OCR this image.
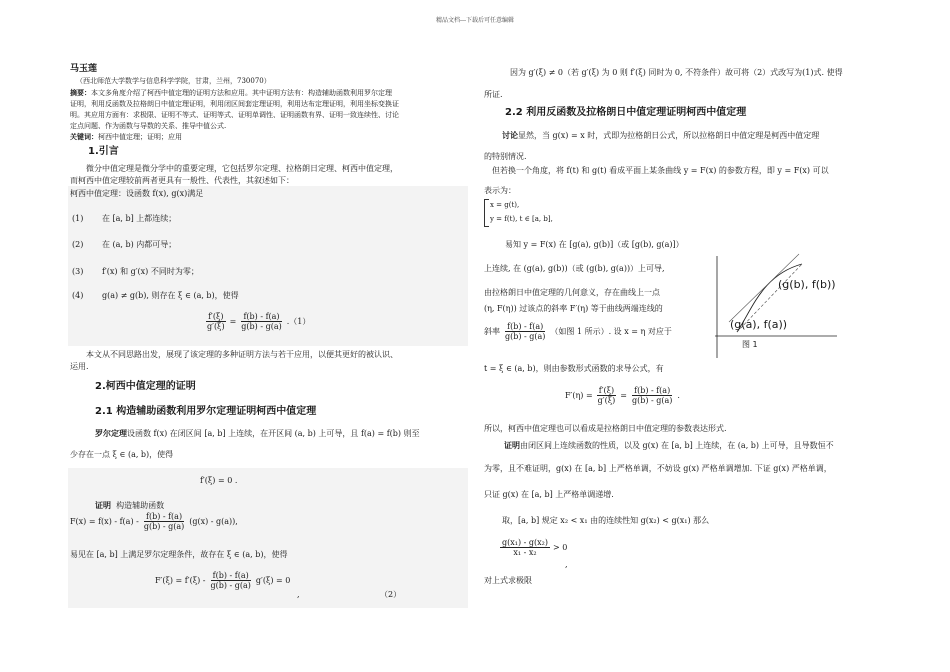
精品文档---下载后可任意编辑
马玉莲
（西北师范大学数学与信息科学学院，甘肃，兰州，730070）
摘要：本文多角度介绍了柯西中值定理的证明方法和应用。其中证明方法有：构造辅助函数利用罗尔定理
证明，利用反函数及拉格朗日中值定理证明，利用闭区间套定理证明，利用达布定理证明，利用坐标变换证
明。其应用方面有：求极限、证明不等式、证明等式、证明单调性、证明函数有界、证明一致连续性、讨论
定点问题、作为函数与导数的关系、推导中值公式.
关键词：柯西中值定理；证明；应用
1.引言
微分中值定理是微分学中的重要定理，它包括罗尔定理、拉格朗日定理、柯西中值定理，
而柯西中值定理较前两者更具有一般性、代表性，其叙述如下：
柯西中值定理：设函数 f(x), g(x)满足
(1) 在 [a, b] 上都连续；
(2) 在 (a, b) 内都可导；
(3) f′(x) 和 g′(x) 不同时为零；
(4) g(a) ≠ g(b), 则存在 ξ ∈ (a, b)，使得
$\frac{f'(\xi)}{g'(\xi)} = \frac{f(b) - f(a)}{g(b) - g(a)} .(1)$
本文从不同思路出发，展现了该定理的多种证明方法与若干应用，以便其更好的被认识、
运用.
2.柯西中值定理的证明
2.1 构造辅助函数利用罗尔定理证明柯西中值定理
罗尔定理设函数 f(x) 在闭区间 [a, b] 上连续，在开区间 (a, b) 上可导，且 f(a) = f(b) 则至
少存在一点 ξ ∈ (a, b)，使得
f′(ξ) = 0 .
证明 构造辅助函数
$F(x) = f(x) - f(a) - \frac{f(b) - f(a)}{g(b) - g(a)} (g(x) - g(a))$,
易见在 [a, b] 上满足罗尔定理条件，故存在 ξ ∈ (a, b)，使得
$F'(\xi) = f'(\xi) - \frac{f(b) - f(a)}{g(b) - g(a)} g'(\xi) = 0$
,	（2）
因为 g′(ξ) ≠ 0（若 g′(ξ) 为 0 则 f′(ξ) 同时为 0, 不符条件）故可将（2）式改写为(1)式. 使得
所证.
2.2 利用反函数及拉格朗日中值定理证明柯西中值定理
讨论显然，当 g(x) = x 时，式即为拉格朗日公式，所以拉格朗日中值定理是柯西中值定理
的特别情况.
但若换一个角度，将 f(t) 和 g(t) 看成平面上某条曲线 y = F(x) 的参数方程，即 y = F(x) 可以
表示为：
x = g(t),
y = f(t), t ∈ [a, b],
易知 y = F(x) 在 [g(a), g(b)]（或 [g(b), g(a)]）
上连续, 在 (g(a), g(b))（或 (g(b), g(a))）上可导,
由拉格朗日中值定理的几何意义，存在曲线上一点
(η, F(η)) 过该点的斜率 F′(η) 等于曲线两端连线的
斜率 $\frac{f(b) - f(a)}{g(b) - g(a)}$ （如图 1 所示）. 设 x = η 对应于
t = ξ ∈ (a, b)，则由参数形式函数的求导公式，有
$F'(\eta) = \frac{f'(\xi)}{g'(\xi)} = \frac{f(b) - f(a)}{g(b) - g(a)}$ .
所以，柯西中值定理也可以看成是拉格朗日中值定理的参数表达形式.
证明由闭区间上连续函数的性质，以及 g(x) 在 [a, b] 上连续，在 (a, b) 上可导，且导数恒不
为零，且不难证明，g(x) 在 [a, b] 上严格单调，不妨设 g(x) 严格单调增加. 下证 g(x) 严格单调，
只证 g(x) 在 [a, b] 上严格单调递增.
取，[a, b] 规定 x₂ < x₁ 由的连续性知 g(x₂) < g(x₁) 那么
$\frac{\text{g(x₁) - g(x₂)}}{\text{x₁ - x₂}} > 0$
,
对上式求极限
(g(b), f(b))
(g(a), f(a))
图 1
